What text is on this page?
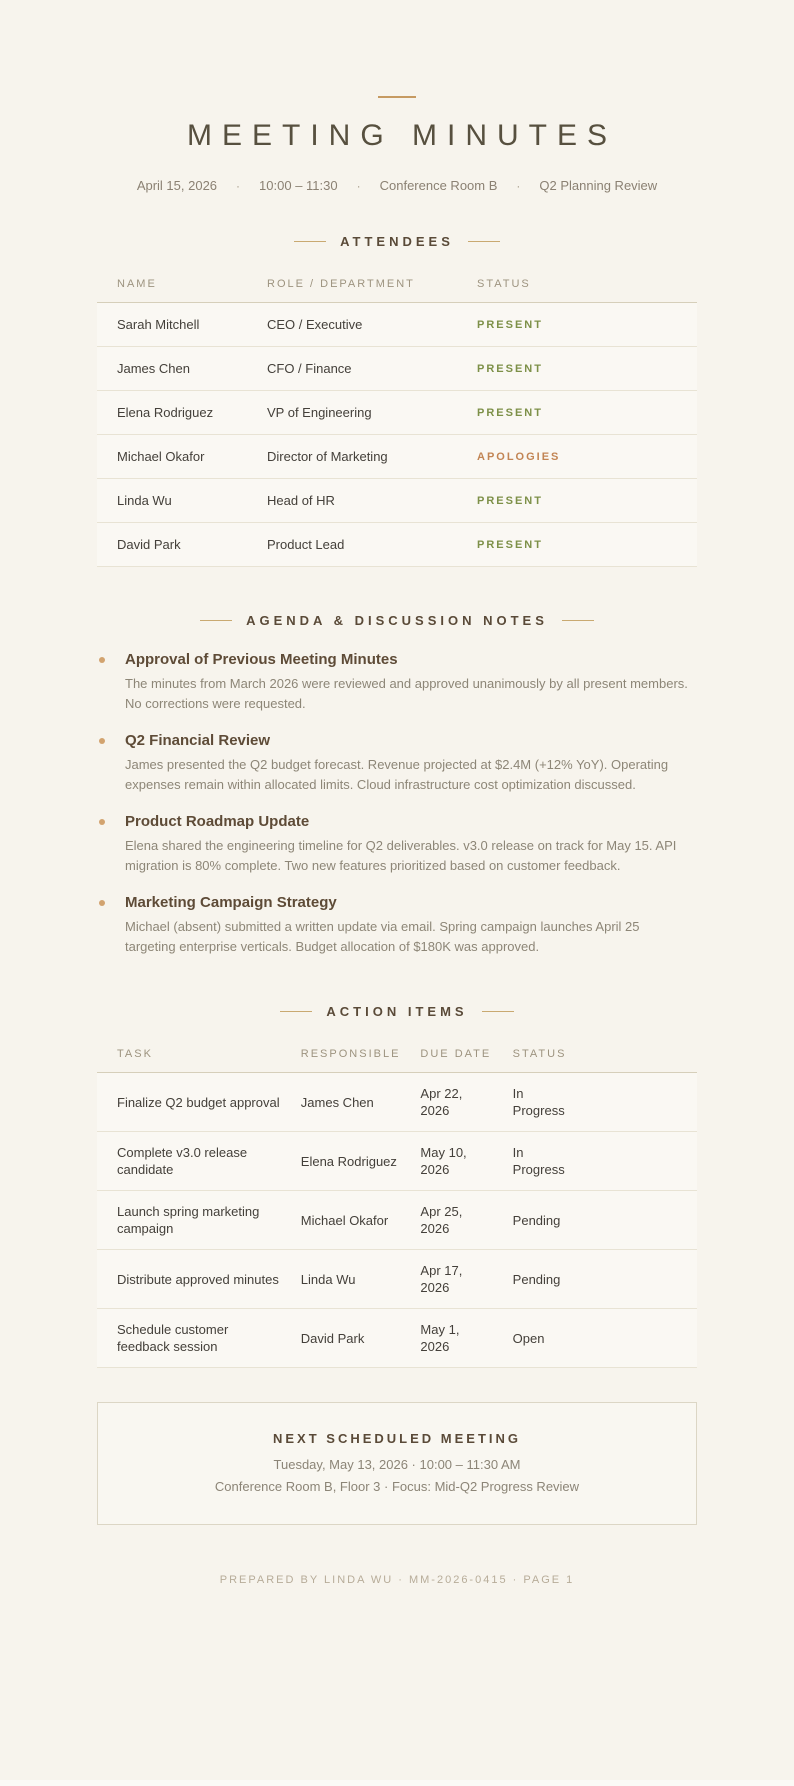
MEETING MINUTES
April 15, 2026 · 10:00 – 11:30 · Conference Room B · Q2 Planning Review
ATTENDEES
NAME	ROLE / DEPARTMENT	STATUS
Sarah Mitchell	CEO / Executive	PRESENT
James Chen	CFO / Finance	PRESENT
Elena Rodriguez	VP of Engineering	PRESENT
Michael Okafor	Director of Marketing	APOLOGIES
Linda Wu	Head of HR	PRESENT
David Park	Product Lead	PRESENT
AGENDA & DISCUSSION NOTES
Approval of Previous Meeting Minutes
The minutes from March 2026 were reviewed and approved unanimously by all present members. No corrections were requested.
Q2 Financial Review
James presented the Q2 budget forecast. Revenue projected at $2.4M (+12% YoY). Operating expenses remain within allocated limits. Cloud infrastructure cost optimization discussed.
Product Roadmap Update
Elena shared the engineering timeline for Q2 deliverables. v3.0 release on track for May 15. API migration is 80% complete. Two new features prioritized based on customer feedback.
Marketing Campaign Strategy
Michael (absent) submitted a written update via email. Spring campaign launches April 25 targeting enterprise verticals. Budget allocation of $180K was approved.
ACTION ITEMS
TASK	RESPONSIBLE	DUE DATE	STATUS
Finalize Q2 budget approval	James Chen	Apr 22, 2026	In Progress
Complete v3.0 release candidate	Elena Rodriguez	May 10, 2026	In Progress
Launch spring marketing campaign	Michael Okafor	Apr 25, 2026	Pending
Distribute approved minutes	Linda Wu	Apr 17, 2026	Pending
Schedule customer feedback session	David Park	May 1, 2026	Open
NEXT SCHEDULED MEETING
Tuesday, May 13, 2026 · 10:00 – 11:30 AM
Conference Room B, Floor 3 · Focus: Mid-Q2 Progress Review
PREPARED BY LINDA WU · MM-2026-0415 · PAGE 1
